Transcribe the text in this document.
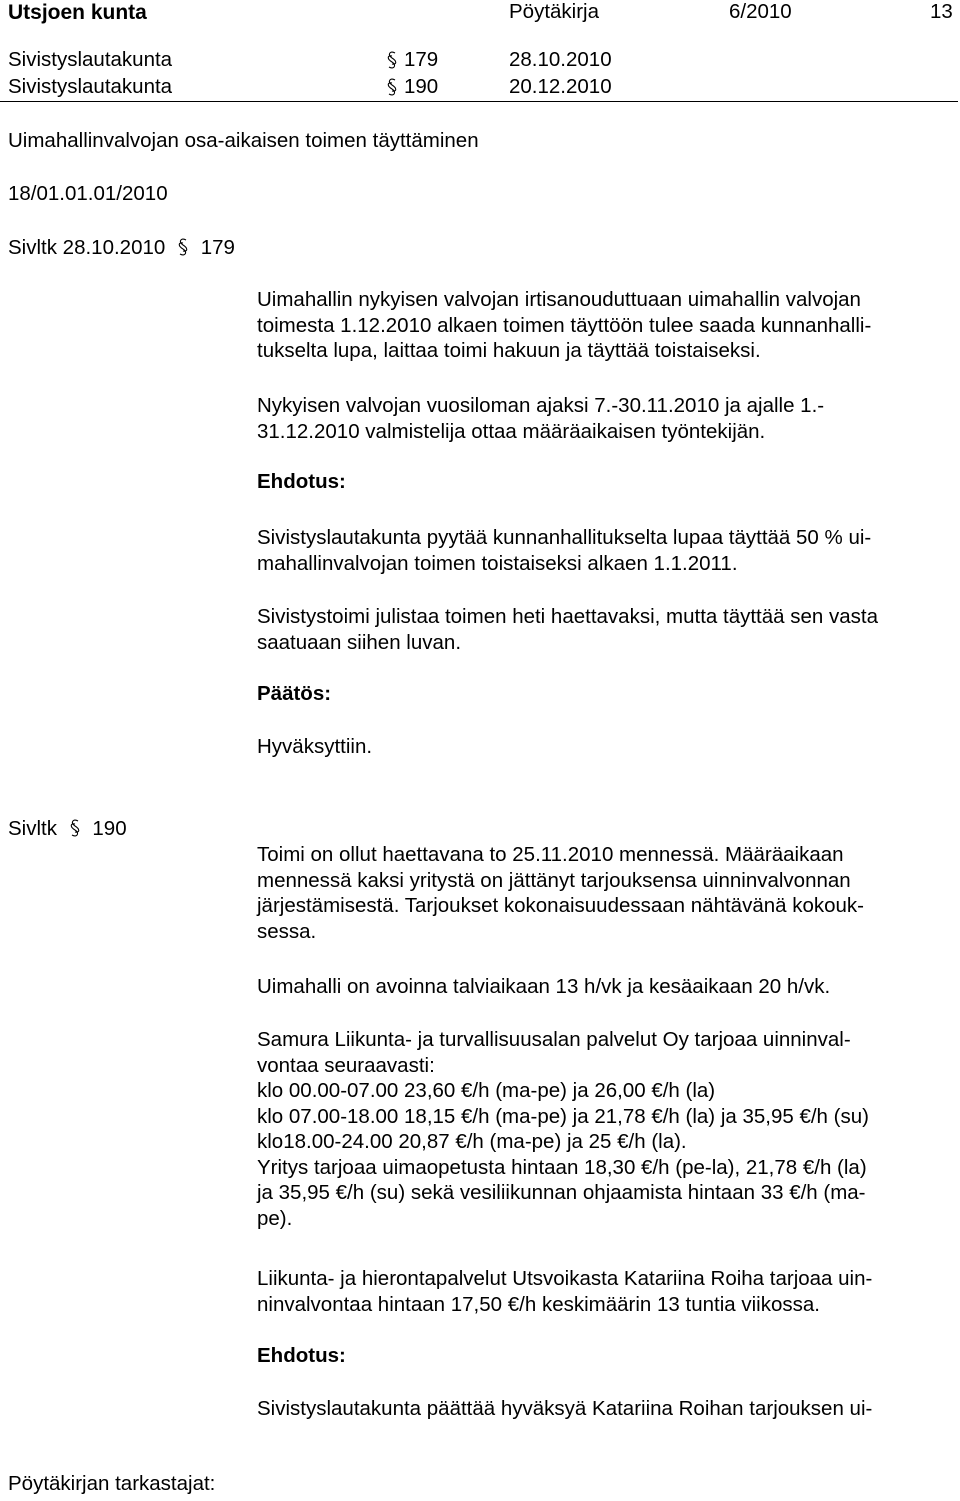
Utsjoen kunta	Pöytäkirja	6/2010	13
Sivistyslautakunta	179	28.10.2010
Sivistyslautakunta	190	20.12.2010
Uimahallinvalvojan osa-aikaisen toimen täyttäminen
18/01.01.01/2010
Sivltk 28.10.2010 179
Uimahallin nykyisen valvojan irtisanouduttuaan uimahallin valvojan
toimesta 1.12.2010 alkaen toimen täyttöön tulee saada kunnanhalli-
tukselta lupa, laittaa toimi hakuun ja täyttää toistaiseksi.
Nykyisen valvojan vuosiloman ajaksi 7.-30.11.2010 ja ajalle 1.-
31.12.2010 valmistelija ottaa määräaikaisen työntekijän.
Ehdotus:
Sivistyslautakunta pyytää kunnanhallitukselta lupaa täyttää 50 % ui-
mahallinvalvojan toimen toistaiseksi alkaen 1.1.2011.
Sivistystoimi julistaa toimen heti haettavaksi, mutta täyttää sen vasta
saatuaan siihen luvan.
Päätös:
Hyväksyttiin.
Sivltk 190
Toimi on ollut haettavana to 25.11.2010 mennessä. Määräaikaan
mennessä kaksi yritystä on jättänyt tarjouksensa uinninvalvonnan
järjestämisestä. Tarjoukset kokonaisuudessaan nähtävänä kokouk-
sessa.
Uimahalli on avoinna talviaikaan 13 h/vk ja kesäaikaan 20 h/vk.
Samura Liikunta- ja turvallisuusalan palvelut Oy tarjoaa uinninval-
vontaa seuraavasti:
klo 00.00-07.00 23,60 €/h (ma-pe) ja 26,00 €/h (la)
klo 07.00-18.00 18,15 €/h (ma-pe) ja 21,78 €/h (la) ja 35,95 €/h (su)
klo18.00-24.00 20,87 €/h (ma-pe) ja 25 €/h (la).
Yritys tarjoaa uimaopetusta hintaan 18,30 €/h (pe-la), 21,78 €/h (la)
ja 35,95 €/h (su) sekä vesiliikunnan ohjaamista hintaan 33 €/h (ma-
pe).
Liikunta- ja hierontapalvelut Utsvoikasta Katariina Roiha tarjoaa uin-
ninvalvontaa hintaan 17,50 €/h keskimäärin 13 tuntia viikossa.
Ehdotus:
Sivistyslautakunta päättää hyväksyä Katariina Roihan tarjouksen ui-
Pöytäkirjan tarkastajat:
